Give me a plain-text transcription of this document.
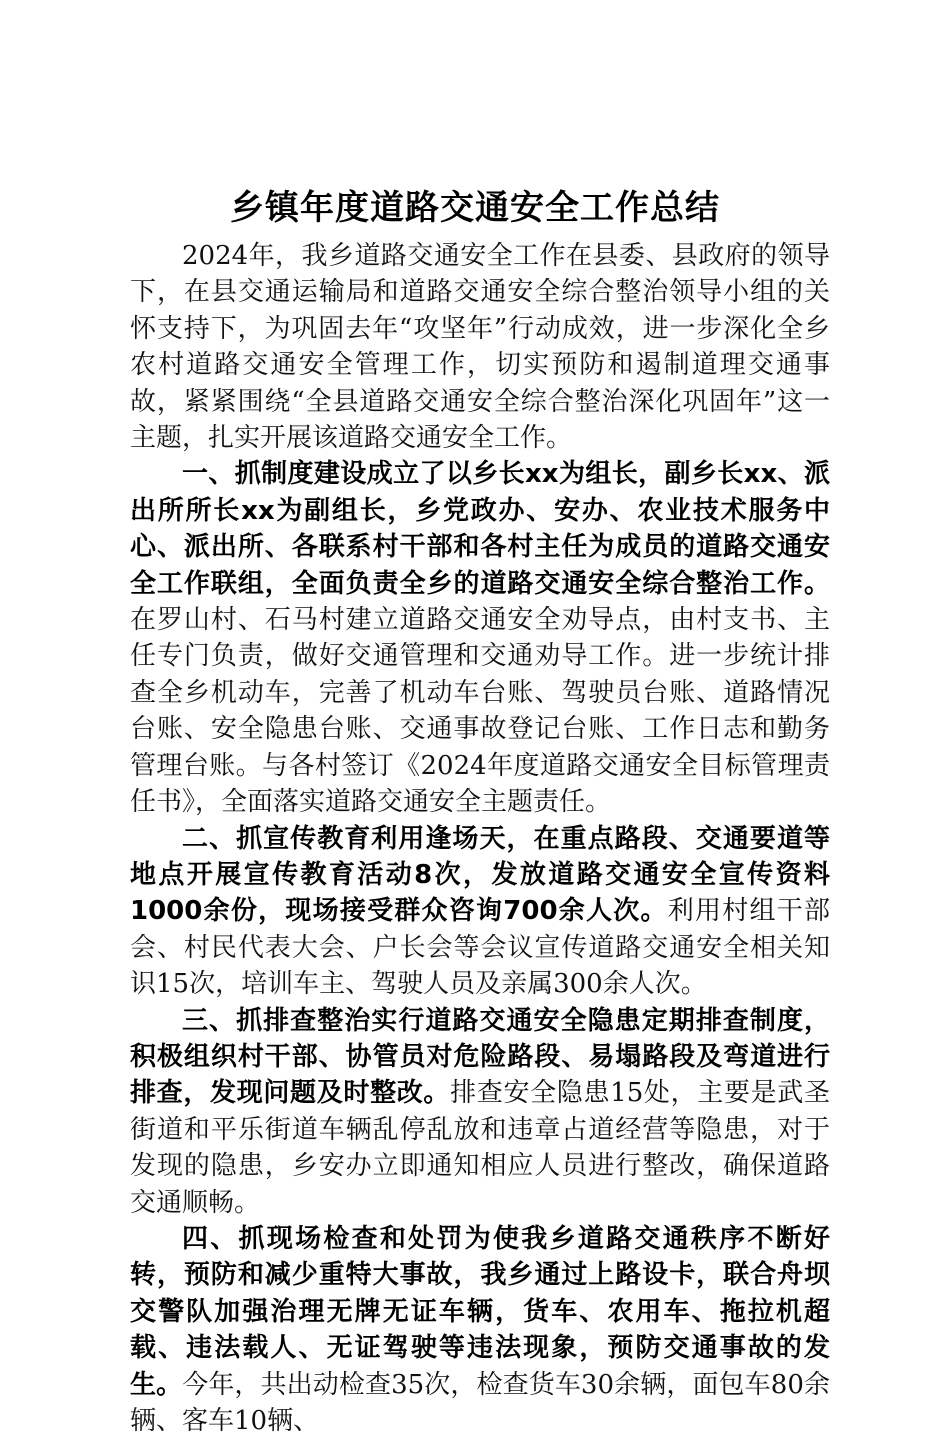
乡镇年度道路交通安全工作总结

2024年，我乡道路交通安全工作在县委、县政府的领导下，在县交通运输局和道路交通安全综合整治领导小组的关怀支持下，为巩固去年“攻坚年”行动成效，进一步深化全乡农村道路交通安全管理工作，切实预防和遏制道理交通事故，紧紧围绕“全县道路交通安全综合整治深化巩固年”这一主题，扎实开展该道路交通安全工作。

一、抓制度建设成立了以乡长xx为组长，副乡长xx、派出所所长xx为副组长，乡党政办、安办、农业技术服务中心、派出所、各联系村干部和各村主任为成员的道路交通安全工作联组，全面负责全乡的道路交通安全综合整治工作。在罗山村、石马村建立道路交通安全劝导点，由村支书、主任专门负责，做好交通管理和交通劝导工作。进一步统计排查全乡机动车，完善了机动车台账、驾驶员台账、道路情况台账、安全隐患台账、交通事故登记台账、工作日志和勤务管理台账。与各村签订《2024年度道路交通安全目标管理责任书》，全面落实道路交通安全主题责任。

二、抓宣传教育利用逢场天，在重点路段、交通要道等地点开展宣传教育活动8次，发放道路交通安全宣传资料1000余份，现场接受群众咨询700余人次。利用村组干部会、村民代表大会、户长会等会议宣传道路交通安全相关知识15次，培训车主、驾驶人员及亲属300余人次。

三、抓排查整治实行道路交通安全隐患定期排查制度，积极组织村干部、协管员对危险路段、易塌路段及弯道进行排查，发现问题及时整改。排查安全隐患15处，主要是武圣街道和平乐街道车辆乱停乱放和违章占道经营等隐患，对于发现的隐患，乡安办立即通知相应人员进行整改，确保道路交通顺畅。

四、抓现场检查和处罚为使我乡道路交通秩序不断好转，预防和减少重特大事故，我乡通过上路设卡，联合舟坝交警队加强治理无牌无证车辆，货车、农用车、拖拉机超载、违法载人、无证驾驶等违法现象，预防交通事故的发生。今年，共出动检查35次，检查货车30余辆，面包车80余辆、客车10辆、
